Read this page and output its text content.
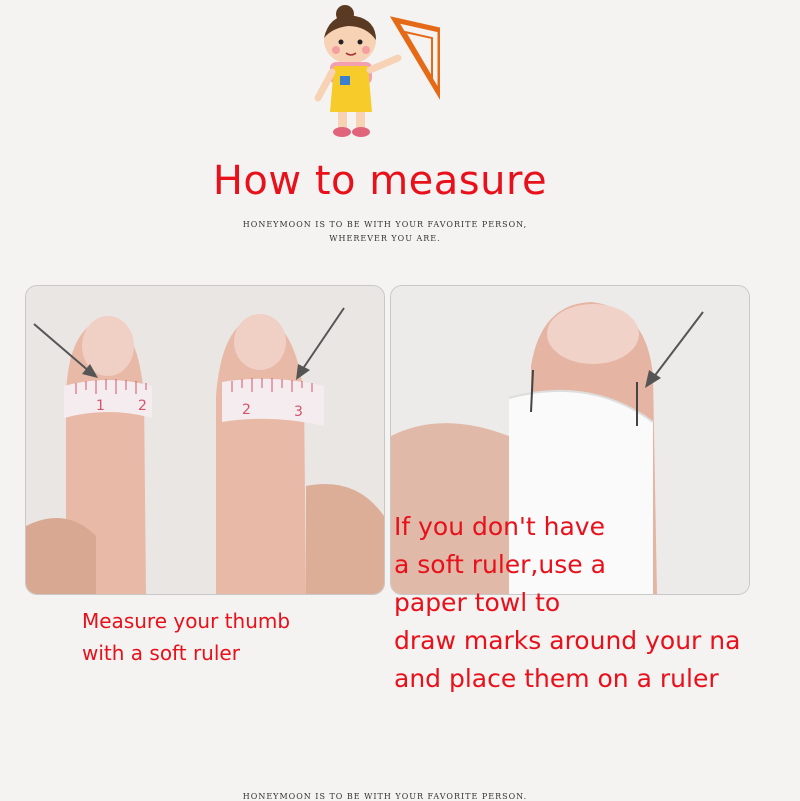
How to measure
HONEYMOON IS TO BE WITH YOUR FAVORITE PERSON,
WHEREVER YOU ARE.
1 2	2	3
Measure your thumb
with a soft ruler
If you don't have
a soft ruler,use a
paper towl to
draw marks around your na
and place them on a ruler
HONEYMOON IS TO BE WITH YOUR FAVORITE PERSON.
